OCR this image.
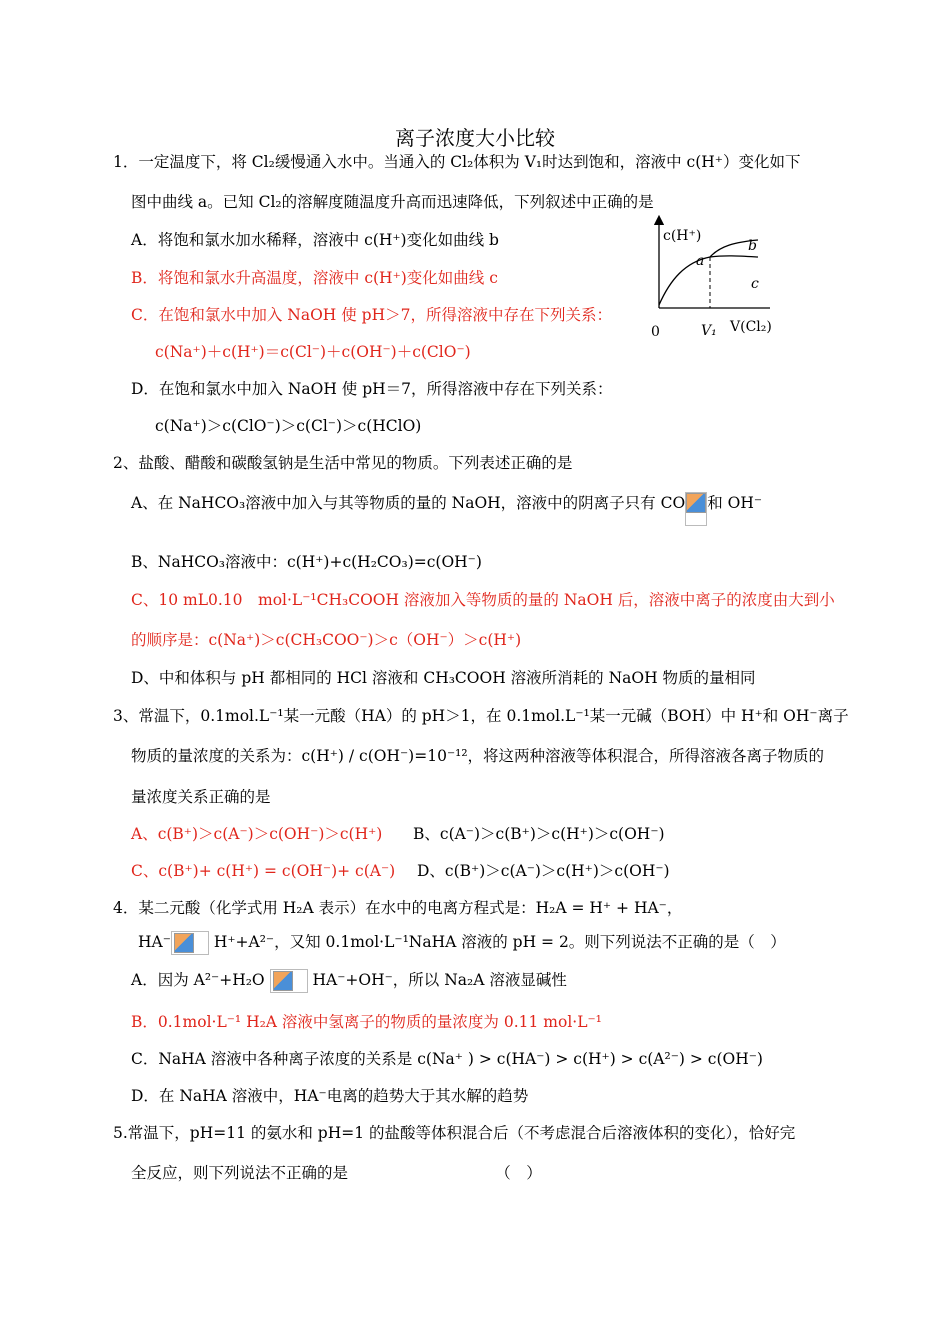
离子浓度大小比较
1．一定温度下，将 Cl₂缓慢通入水中。当通入的 Cl₂体积为 V₁时达到饱和，溶液中 c(H⁺）变化如下
图中曲线 a。已知 Cl₂的溶解度随温度升高而迅速降低，下列叙述中正确的是
A．将饱和氯水加水稀释，溶液中 c(H⁺)变化如曲线 b
B．将饱和氯水升高温度，溶液中 c(H⁺)变化如曲线 c
C．在饱和氯水中加入 NaOH 使 pH＞7，所得溶液中存在下列关系：
c(Na⁺)＋c(H⁺)＝c(Cl⁻)＋c(OH⁻)＋c(ClO⁻)
D．在饱和氯水中加入 NaOH 使 pH＝7，所得溶液中存在下列关系：
c(Na⁺)＞c(ClO⁻)＞c(Cl⁻)＞c(HClO)
c(H⁺)
a
b
c
0	V₁ V(Cl₂)
2、盐酸、醋酸和碳酸氢钠是生活中常见的物质。下列表述正确的是
A、在 NaHCO₃溶液中加入与其等物质的量的 NaOH，溶液中的阴离子只有 CO 和 OH⁻
B、NaHCO₃溶液中：c(H⁺)+c(H₂CO₃)=c(OH⁻)
C、10 mL0.10　mol·L⁻¹CH₃COOH 溶液加入等物质的量的 NaOH 后，溶液中离子的浓度由大到小
的顺序是：c(Na⁺)＞c(CH₃COO⁻)＞c（OH⁻）＞c(H⁺)
D、中和体积与 pH 都相同的 HCl 溶液和 CH₃COOH 溶液所消耗的 NaOH 物质的量相同
3、常温下，0.1mol.L⁻¹某一元酸（HA）的 pH＞1，在 0.1mol.L⁻¹某一元碱（BOH）中 H⁺和 OH⁻离子
物质的量浓度的关系为：c(H⁺) / c(OH⁻)=10⁻¹²，将这两种溶液等体积混合，所得溶液各离子物质的
量浓度关系正确的是
A、c(B⁺)＞c(A⁻)＞c(OH⁻)＞c(H⁺) B、c(A⁻)＞c(B⁺)＞c(H⁺)＞c(OH⁻)
C、c(B⁺)+ c(H⁺) = c(OH⁻)+ c(A⁻) D、c(B⁺)＞c(A⁻)＞c(H⁺)＞c(OH⁻)
4．某二元酸（化学式用 H₂A 表示）在水中的电离方程式是：H₂A = H⁺ + HA⁻，
HA⁻	H⁺+A²⁻，又知 0.1mol·L⁻¹NaHA 溶液的 pH = 2。则下列说法不正确的是（　）
A．因为 A²⁻+H₂O	HA⁻+OH⁻，所以 Na₂A 溶液显碱性
B．0.1mol·L⁻¹ H₂A 溶液中氢离子的物质的量浓度为 0.11 mol·L⁻¹
C．NaHA 溶液中各种离子浓度的关系是 c(Na⁺ ) > c(HA⁻) > c(H⁺) > c(A²⁻) > c(OH⁻)
D．在 NaHA 溶液中，HA⁻电离的趋势大于其水解的趋势
5.常温下，pH=11 的氨水和 pH=1 的盐酸等体积混合后（不考虑混合后溶液体积的变化），恰好完
全反应，则下列说法不正确的是　　　　　　　　　　（　）
